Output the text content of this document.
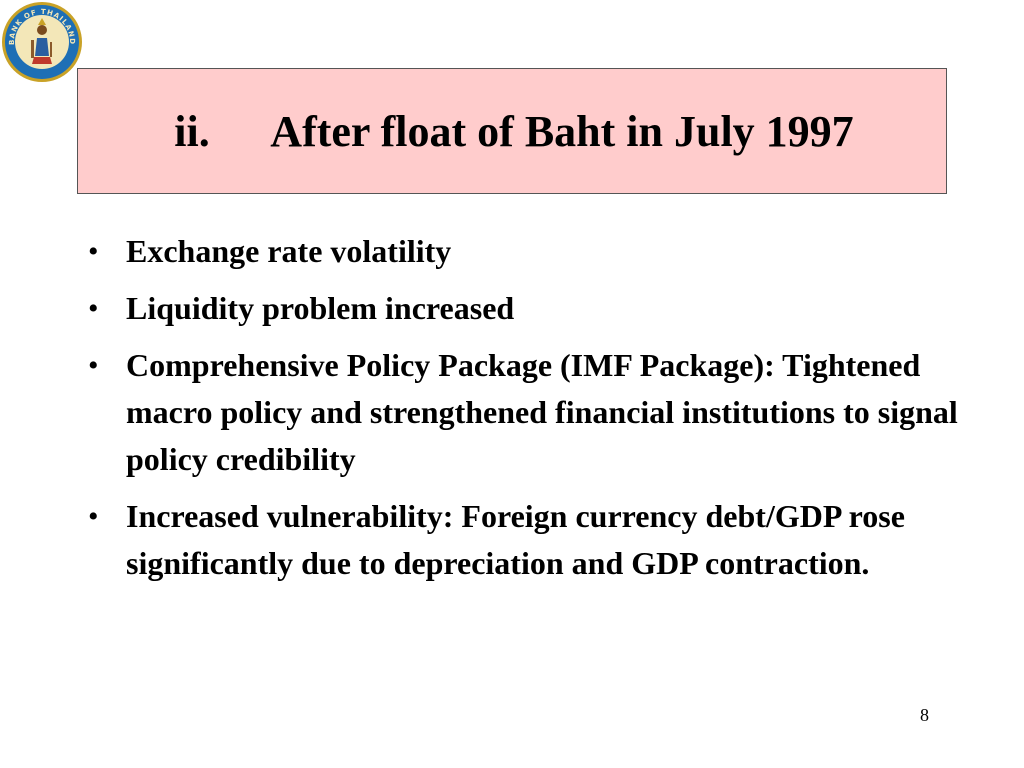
BANK OF THAILAND
ii. After float of Baht in July 1997
• Exchange rate volatility
• Liquidity problem increased
• Comprehensive Policy Package (IMF Package): Tightened macro policy and strengthened financial institutions to signal policy credibility
• Increased vulnerability: Foreign currency debt/GDP rose significantly due to depreciation and GDP contraction.
8
